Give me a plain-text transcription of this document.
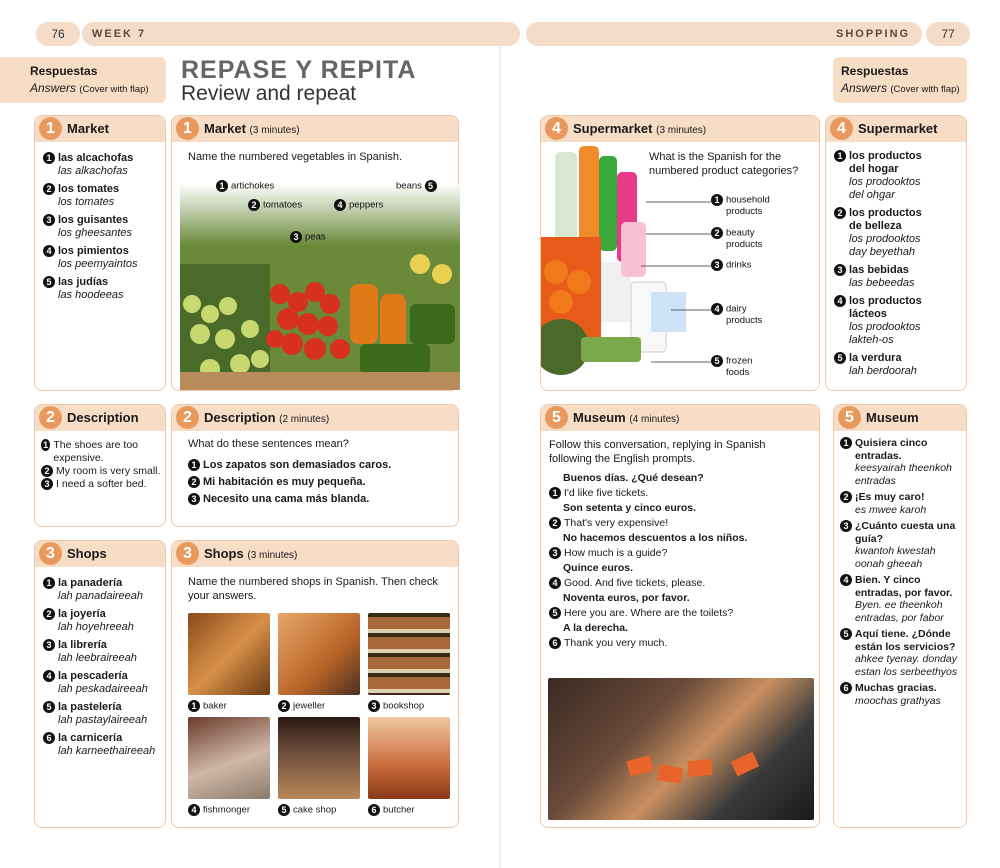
76 WEEK 7	SHOPPING	77
Respuestas
Answers (Cover with flap)
Respuestas
Answers (Cover with flap)
REPASE Y REPITA
Review and repeat
1 Market
1 las alcachofas
las alkachofas
2 los tomates
los tomates
3 los guisantes
los gheesantes
4 los pimientos
los peemyaintos
5 las judías
las hoodeeas
1 Market (3 minutes)
Name the numbered vegetables in Spanish.
1 artichokes
2 tomatoes
3 peas
4 peppers
beans 5
2 Description
1 The shoes are too expensive.
2 My room is very small.
3 I need a softer bed.
2 Description (2 minutes)
What do these sentences mean?
1 Los zapatos son demasiados caros.
2 Mi habitación es muy pequeña.
3 Necesito una cama más blanda.
3 Shops
1 la panadería
lah panadaireeah
2 la joyería
lah hoyehreeah
3 la librería
lah leebraireeah
4 la pescadería
lah peskadaireeah
5 la pastelería
lah pastaylaireeah
6 la carnicería
lah karneethaireeah
3 Shops (3 minutes)
Name the numbered shops in Spanish. Then check your answers.
1 baker	2 jeweller	3 bookshop
4 fishmonger	5 cake shop	6 butcher
4 Supermarket (3 minutes)
What is the Spanish for the numbered product categories?
1 household
products
2 beauty
products
3 drinks
4 dairy
products
5 frozen
foods
4 Supermarket
1 los productos
del hogar
los prodooktos
del ohgar
2 los productos
de belleza
los prodooktos
day beyethah
3 las bebidas
las bebeedas
4 los productos
lácteos
los prodooktos
lakteh-os
5 la verdura
lah berdoorah
5 Museum (4 minutes)
Follow this conversation, replying in Spanish
following the English prompts.
Buenos días. ¿Qué desean?
1 I'd like five tickets.
Son setenta y cinco euros.
2 That's very expensive!
No hacemos descuentos a los niños.
3 How much is a guide?
Quince euros.
4 Good. And five tickets, please.
Noventa euros, por favor.
5 Here you are. Where are the toilets?
A la derecha.
6 Thank you very much.
5 Museum
1 Quisiera cinco
entradas.
keesyairah theenkoh
entradas
2 ¡Es muy caro!
es mwee karoh
3 ¿Cuánto cuesta una
guía?
kwantoh kwestah
oonah gheeah
4 Bien. Y cinco
entradas, por favor.
Byen. ee theenkoh
entradas, por fabor
5 Aquí tiene. ¿Dónde
están los servicios?
ahkee tyenay. donday
estan los serbeethyos
6 Muchas gracias.
moochas grathyas
